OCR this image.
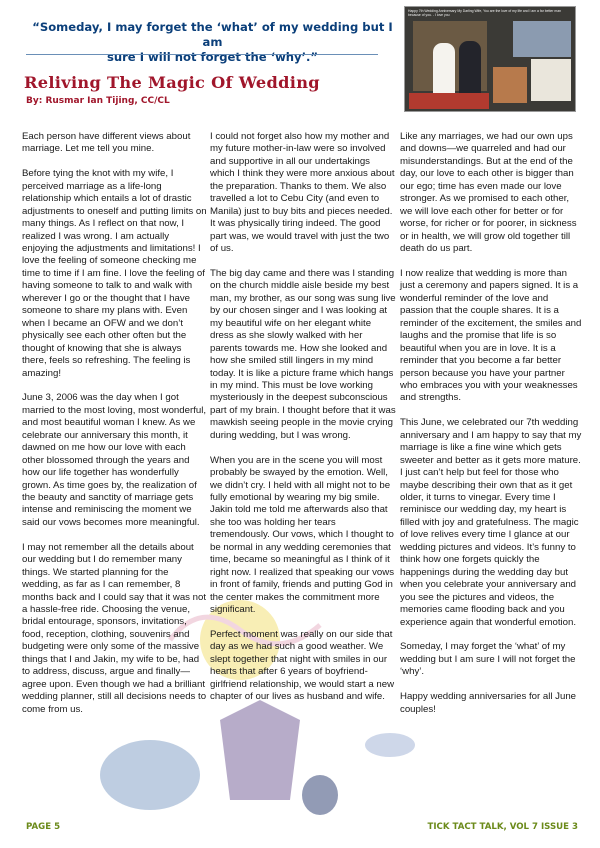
“Someday, I may forget the ‘what’ of my wedding but I am
sure I will not forget the ‘why’.”
Reliving The Magic Of Wedding
By: Rusmar Ian Tijing, CC/CL
Happy 7th Wedding Anniversary My Darling Wife, You are the love of my life and I am a far better man because of you. - I love you

Each person have different views about marriage. Let me tell you mine.

Before tying the knot with my wife, I perceived marriage as a life-long relationship which entails a lot of drastic adjustments to oneself and putting limits on many things. As I reflect on that now, I realized I was wrong. I am actually enjoying the adjustments and limitations! I love the feeling of someone checking me time to time if I am fine. I love the feeling of having someone to talk to and walk with wherever I go or the thought that I have someone to share my plans with. Even when I became an OFW and we don’t physically see each other often but the thought of knowing that she is always there, feels so refreshing. The feeling is amazing!

June 3, 2006 was the day when I got married to the most loving, most wonderful, and most beautiful woman I knew. As we celebrate our anniversary this month, it dawned on me how our love with each other blossomed through the years and how our life together has wonderfully grown. As time goes by, the realization of the beauty and sanctity of marriage gets intense and reminiscing the moment we said our vows becomes more meaningful.

I may not remember all the details about our wedding but I do remember many things. We started planning for the wedding, as far as I can remember, 8 months back and I could say that it was not a hassle-free ride. Choosing the venue, bridal entourage, sponsors, invitations, food, reception, clothing, souvenirs and budgeting were only some of the massive things that I and Jakin, my wife to be, had to address, discuss, argue and finally—agree upon. Even though we had a brilliant wedding planner, still all decisions needs to come from us.

I could not forget also how my mother and my future mother-in-law were so involved and supportive in all our undertakings which I think they were more anxious about the preparation. Thanks to them. We also travelled a lot to Cebu City (and even to Manila) just to buy bits and pieces needed. It was physically tiring indeed. The good part was, we would travel with just the two of us.

The big day came and there was I standing on the church middle aisle beside my best man, my brother, as our song was sung live by our chosen singer and I was looking at my beautiful wife on her elegant white dress as she slowly walked with her parents towards me. How she looked and how she smiled still lingers in my mind today. It is like a picture frame which hangs in my mind. This must be love working mysteriously in the deepest subconscious part of my brain. I thought before that it was mawkish seeing people in the movie crying during wedding, but I was wrong.

When you are in the scene you will most probably be swayed by the emotion. Well, we didn’t cry. I held with all might not to be fully emotional by wearing my big smile. Jakin told me told me afterwards also that she too was holding her tears tremendously. Our vows, which I thought to be normal in any wedding ceremonies that time, became so meaningful as I think of it right now. I realized that speaking our vows in front of family, friends and putting God in the center makes the commitment more significant.

Perfect moment was really on our side that day as we had such a good weather. We slept together that night with smiles in our hearts that after 6 years of boyfriend-girlfriend relationship, we would start a new chapter of our lives as husband and wife.

Like any marriages, we had our own ups and downs—we quarreled and had our misunderstandings. But at the end of the day, our love to each other is bigger than our ego; time has even made our love stronger. As we promised to each other, we will love each other for better or for worse, for richer or for poorer, in sickness or in health, we will grow old together till death do us part.

I now realize that wedding is more than just a ceremony and papers signed. It is a wonderful reminder of the love and passion that the couple shares. It is a reminder of the excitement, the smiles and laughs and the promise that life is so beautiful when you are in love. It is a reminder that you become a far better person because you have your partner who embraces you with your weaknesses and strengths.

This June, we celebrated our 7th wedding anniversary and I am happy to say that my marriage is like a fine wine which gets sweeter and better as it gets more mature. I just can’t help but feel for those who maybe describing their own that as it get older, it turns to vinegar. Every time I reminisce our wedding day, my heart is filled with joy and gratefulness. The magic of love relives every time I glance at our wedding pictures and videos. It’s funny to think how one forgets quickly the happenings during the wedding day but when you celebrate your anniversary and you see the pictures and videos, the memories came flooding back and you experience again that wonderful emotion.

Someday, I may forget the ‘what’ of my wedding but I am sure I will not forget the ‘why’.

Happy wedding anniversaries for all June couples!

PAGE 5	TICK TACT TALK, VOL 7 ISSUE 3
